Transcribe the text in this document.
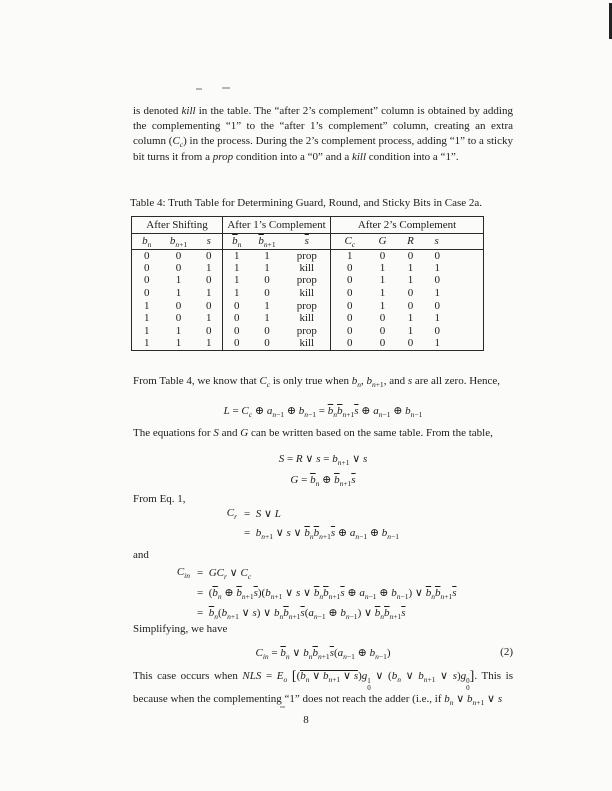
is denoted kill in the table. The “after 2’s complement” column is obtained by adding the complementing “1” to the “after 1’s complement” column, creating an extra column $(C_c)$ in the process. During the 2’s complement process, adding “1” to a sticky bit turns it from a prop condition into a “0” and a kill condition into a “1”.

Table 4: Truth Table for Determining Guard, Round, and Sticky Bits in Case 2a.
After Shifting			After 1’s Complement			After 2’s Complement			
$b_n$	$b_{n+1}$	s	$\overline{b}_n$	$\overline{b}_{n+1}$	$\overline{s}$	$C_c$	G	R	s
0	0	0	1	1	prop	1	0	0	0
0	0	1	1	1	kill	0	1	1	1
0	1	0	1	0	prop	0	1	1	0
0	1	1	1	0	kill	0	1	0	1
1	0	0	0	1	prop	0	1	0	0
1	0	1	0	1	kill	0	0	1	1
1	1	0	0	0	prop	0	0	1	0
1	1	1	0	0	kill	0	0	0	1

From Table 4, we know that $C_c$ is only true when $b_n$, $b_{n+1}$, and s are all zero. Hence,

$L = C_c$ ⊕ $a_{n-1}$ ⊕ $b_{n-1} = \overline{b}_n\overline{b}_{n+1}\overline{s}$ ⊕ $a_{n-1}$ ⊕ $b_{n-1}$

The equations for S and G can be written based on the same table. From the table,

S = R ∨ $s = b_{n+1}$ ∨ s
$G = \overline{b}_n$ ⊕ $\overline{b}_{n+1}\overline{s}$

From Eq. 1,

$C_r = S$ ∨ L
=  $b_{n+1}$ ∨ s ∨ $\overline{b}_n\overline{b}_{n+1}\overline{s}$ ⊕ $a_{n-1}$ ⊕ $b_{n-1}$

and

$C_{in} = GC_r$ ∨ $C_c$
=  ($\overline{b}_n$ ⊕ $\overline{b}_{n+1}\overline{s})(b_{n+1}$ ∨ s ∨ $\overline{b}_n\overline{b}_{n+1}\overline{s}$ ⊕ $a_{n-1}$ ⊕ $b_{n-1}$) ∨ $\overline{b}_n\overline{b}_{n+1}\overline{s}$
=  $\overline{b}_n(b_{n+1}$ ∨ s) ∨ $b_n\overline{b}_{n+1}\overline{s}(a_{n-1}$ ⊕ $b_{n-1}$) ∨ $\overline{b}_n\overline{b}_{n+1}\overline{s}$

Simplifying, we have

$C_{in} = \overline{b}_n$ ∨ $b_n\overline{b}_{n+1}\overline{s}(a_{n-1}$ ⊕ $b_{n-1}$)	(2)

This case occurs when NLS = $E_o$ [($b_n$ ∨ $b_{n+1}$ ∨ s)g 1
0
∨ ($b_n$ ∨ $b_{n+1}$ ∨ s)g 0
0
]. This is because when the complementing “1” does not reach the adder (i.e., if $b_n$ ∨ $b_{n+1}$ ∨ s

8
